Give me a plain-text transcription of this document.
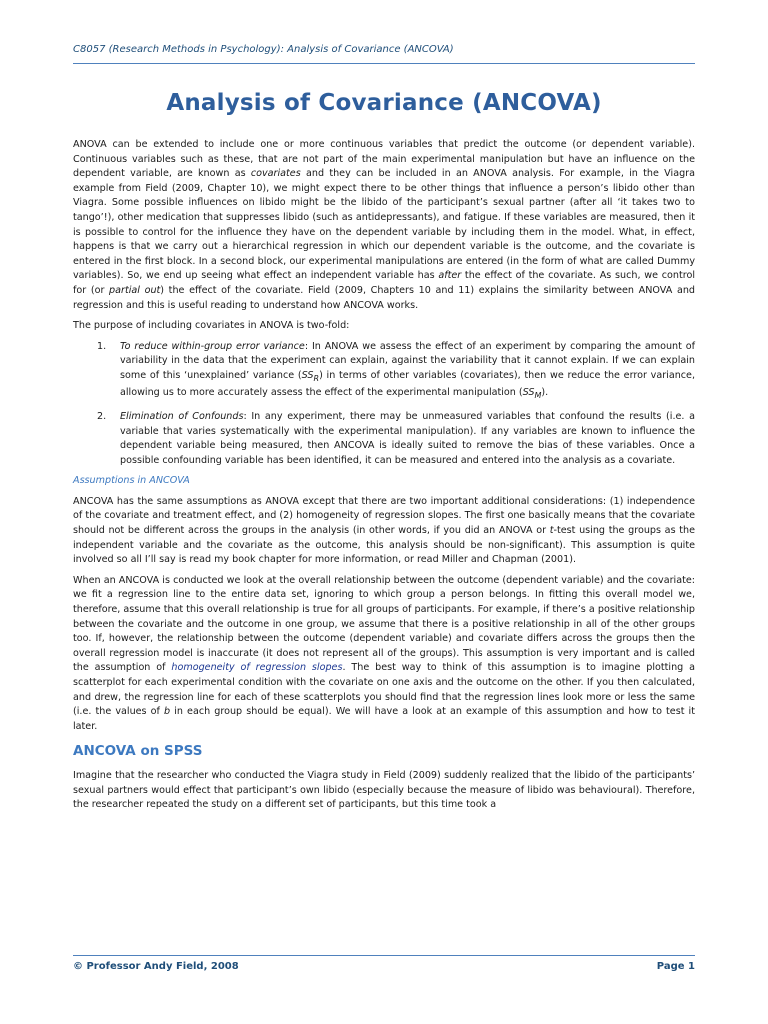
C8057 (Research Methods in Psychology): Analysis of Covariance (ANCOVA)
Analysis of Covariance (ANCOVA)

ANOVA can be extended to include one or more continuous variables that predict the outcome (or dependent variable). Continuous variables such as these, that are not part of the main experimental manipulation but have an influence on the dependent variable, are known as covariates and they can be included in an ANOVA analysis. For example, in the Viagra example from Field (2009, Chapter 10), we might expect there to be other things that influence a person’s libido other than Viagra. Some possible influences on libido might be the libido of the participant’s sexual partner (after all ‘it takes two to tango’!), other medication that suppresses libido (such as antidepressants), and fatigue. If these variables are measured, then it is possible to control for the influence they have on the dependent variable by including them in the model. What, in effect, happens is that we carry out a hierarchical regression in which our dependent variable is the outcome, and the covariate is entered in the first block. In a second block, our experimental manipulations are entered (in the form of what are called Dummy variables). So, we end up seeing what effect an independent variable has after the effect of the covariate. As such, we control for (or partial out) the effect of the covariate. Field (2009, Chapters 10 and 11) explains the similarity between ANOVA and regression and this is useful reading to understand how ANCOVA works.

The purpose of including covariates in ANOVA is two-fold:

1. To reduce within-group error variance: In ANOVA we assess the effect of an experiment by comparing the amount of variability in the data that the experiment can explain, against the variability that it cannot explain. If we can explain some of this ‘unexplained’ variance $(SS_R)$ in terms of other variables (covariates), then we reduce the error variance, allowing us to more accurately assess the effect of the experimental manipulation $(SS_M)$.
2. Elimination of Confounds: In any experiment, there may be unmeasured variables that confound the results (i.e. a variable that varies systematically with the experimental manipulation). If any variables are known to influence the dependent variable being measured, then ANCOVA is ideally suited to remove the bias of these variables. Once a possible confounding variable has been identified, it can be measured and entered into the analysis as a covariate.
Assumptions in ANCOVA

ANCOVA has the same assumptions as ANOVA except that there are two important additional considerations: (1) independence of the covariate and treatment effect, and (2) homogeneity of regression slopes. The first one basically means that the covariate should not be different across the groups in the analysis (in other words, if you did an ANOVA or t-test using the groups as the independent variable and the covariate as the outcome, this analysis should be non-significant). This assumption is quite involved so all I’ll say is read my book chapter for more information, or read Miller and Chapman (2001).

When an ANCOVA is conducted we look at the overall relationship between the outcome (dependent variable) and the covariate: we fit a regression line to the entire data set, ignoring to which group a person belongs. In fitting this overall model we, therefore, assume that this overall relationship is true for all groups of participants. For example, if there’s a positive relationship between the covariate and the outcome in one group, we assume that there is a positive relationship in all of the other groups too. If, however, the relationship between the outcome (dependent variable) and covariate differs across the groups then the overall regression model is inaccurate (it does not represent all of the groups). This assumption is very important and is called the assumption of homogeneity of regression slopes. The best way to think of this assumption is to imagine plotting a scatterplot for each experimental condition with the covariate on one axis and the outcome on the other. If you then calculated, and drew, the regression line for each of these scatterplots you should find that the regression lines look more or less the same (i.e. the values of b in each group should be equal). We will have a look at an example of this assumption and how to test it later.

ANCOVA on SPSS

Imagine that the researcher who conducted the Viagra study in Field (2009) suddenly realized that the libido of the participants’ sexual partners would effect that participant’s own libido (especially because the measure of libido was behavioural). Therefore, the researcher repeated the study on a different set of participants, but this time took a

© Professor Andy Field, 2008	Page 1
